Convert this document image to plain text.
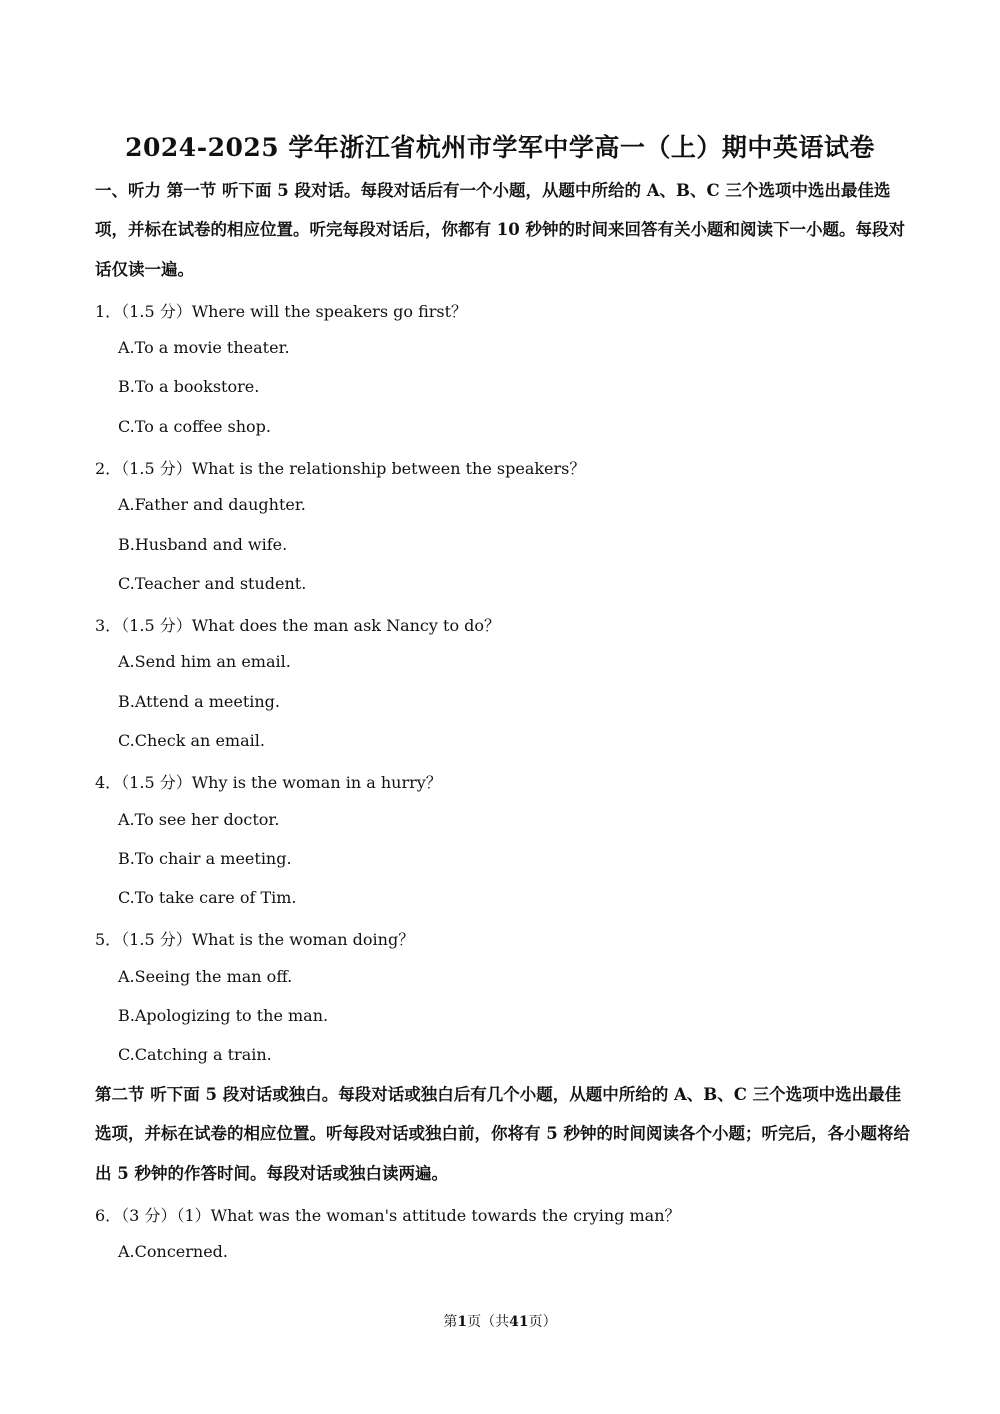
2024-2025 学年浙江省杭州市学军中学高一（上）期中英语试卷

一、听力 第一节 听下面 5 段对话。每段对话后有一个小题，从题中所给的 A、B、C 三个选项中选出最佳选项，并标在试卷的相应位置。听完每段对话后，你都有 10 秒钟的时间来回答有关小题和阅读下一小题。每段对话仅读一遍。

1．（1.5 分）Where will the speakers go first？
A.To a movie theater.
B.To a bookstore.
C.To a coffee shop.
2．（1.5 分）What is the relationship between the speakers？
A.Father and daughter.
B.Husband and wife.
C.Teacher and student.
3．（1.5 分）What does the man ask Nancy to do？
A.Send him an email.
B.Attend a meeting.
C.Check an email.
4．（1.5 分）Why is the woman in a hurry？
A.To see her doctor.
B.To chair a meeting.
C.To take care of Tim.
5．（1.5 分）What is the woman doing？
A.Seeing the man off.
B.Apologizing to the man.
C.Catching a train.

第二节 听下面 5 段对话或独白。每段对话或独白后有几个小题，从题中所给的 A、B、C 三个选项中选出最佳选项，并标在试卷的相应位置。听每段对话或独白前，你将有 5 秒钟的时间阅读各个小题；听完后，各小题将给出 5 秒钟的作答时间。每段对话或独白读两遍。

6．（3 分）（1）What was the woman's attitude towards the crying man？
A.Concerned.
第1页（共41页）
